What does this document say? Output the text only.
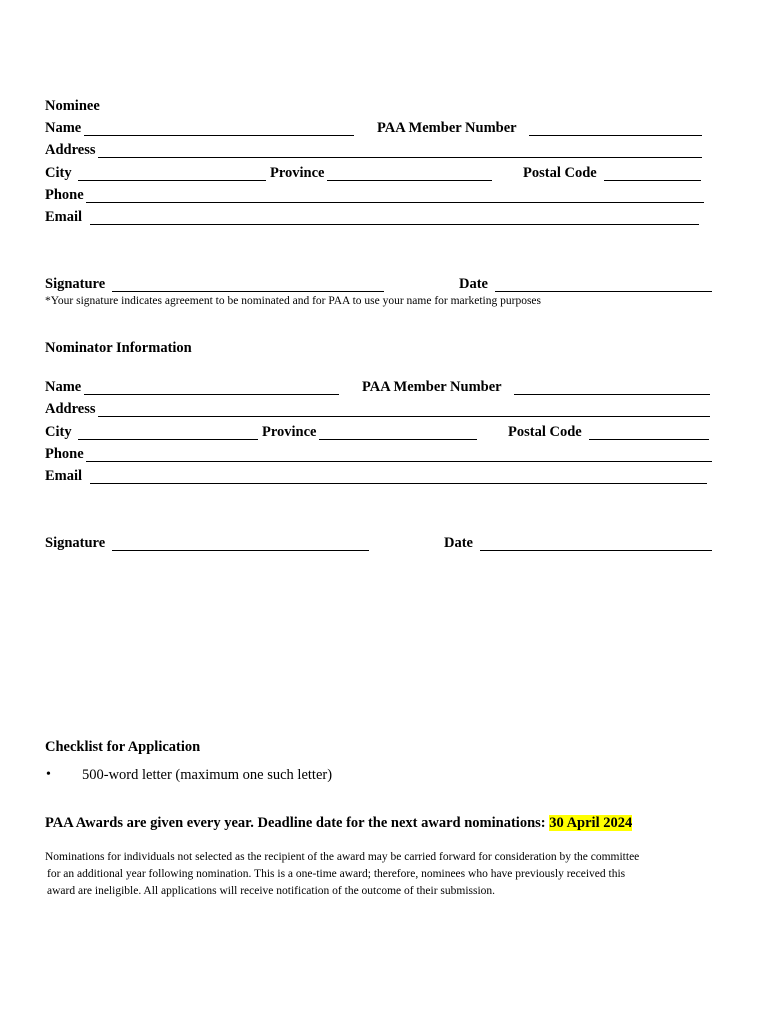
Nominee
Name	PAA Member Number
Address
City	Province	Postal Code
Phone
Email
Signature	Date
*Your signature indicates agreement to be nominated and for PAA to use your name for marketing purposes
Nominator Information
Name	PAA Member Number
Address
City	Province	Postal Code
Phone
Email
Signature	Date
Checklist for Application
• 500-word letter (maximum one such letter)
PAA Awards are given every year. Deadline date for the next award nominations: 30 April 2024
Nominations for individuals not selected as the recipient of the award may be carried forward for consideration by the committee
for an additional year following nomination. This is a one-time award; therefore, nominees who have previously received this
award are ineligible. All applications will receive notification of the outcome of their submission.
